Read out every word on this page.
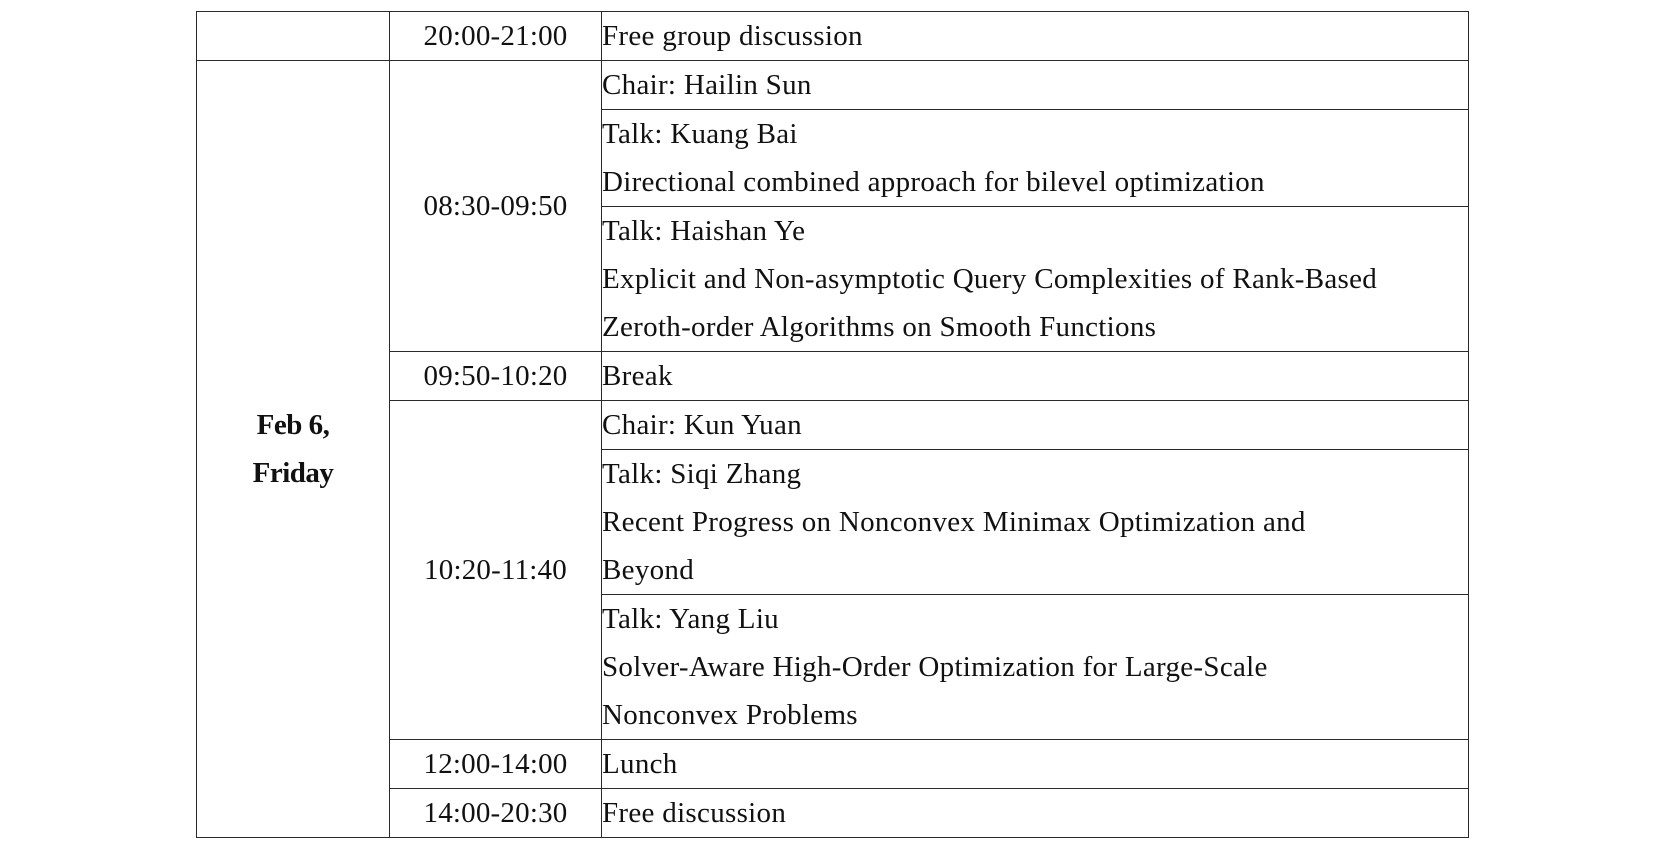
	20:00-21:00	Free group discussion

Feb 6,
Friday	08:30-09:50	Chair: Hailin Sun

		Talk: Kuang Bai
Directional combined approach for bilevel optimization

		Talk: Haishan Ye
Explicit and Non-asymptotic Query Complexities of Rank-Based
Zeroth-order Algorithms on Smooth Functions

	09:50-10:20	Break

	10:20-11:40	Chair: Kun Yuan

		Talk: Siqi Zhang
Recent Progress on Nonconvex Minimax Optimization and
Beyond

		Talk: Yang Liu
Solver-Aware High-Order Optimization for Large-Scale
Nonconvex Problems

	12:00-14:00	Lunch

	14:00-20:30	Free discussion
